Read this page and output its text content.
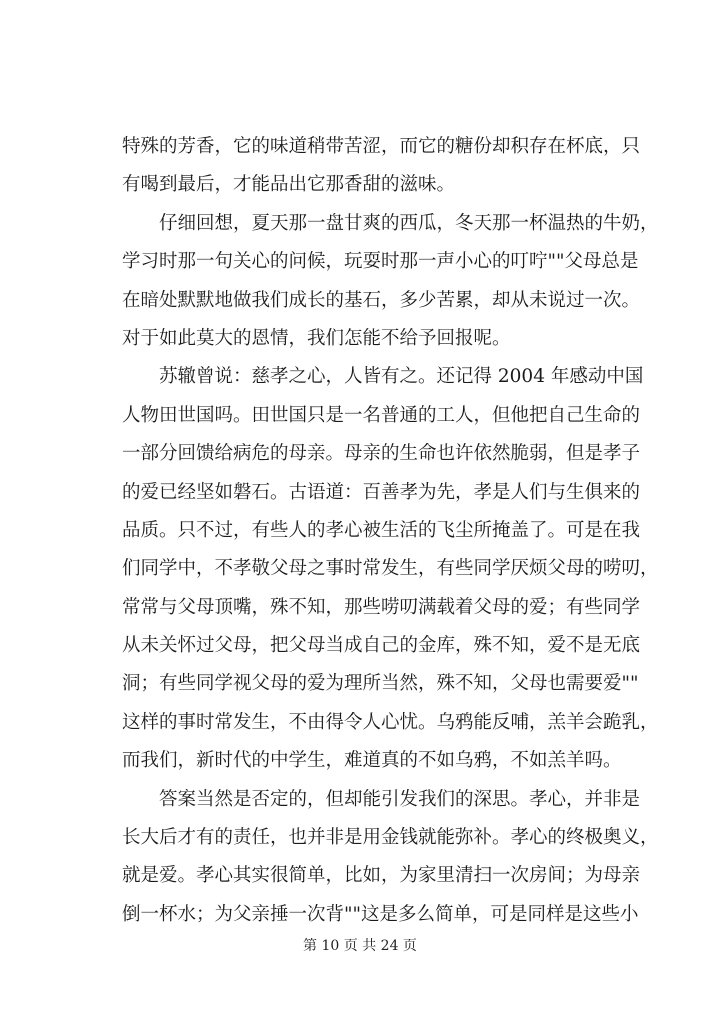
特殊的芳香，它的味道稍带苦涩，而它的糖份却积存在杯底，只
有喝到最后，才能品出它那香甜的滋味。
仔细回想，夏天那一盘甘爽的西瓜，冬天那一杯温热的牛奶，
学习时那一句关心的问候，玩耍时那一声小心的叮咛""父母总是
在暗处默默地做我们成长的基石，多少苦累，却从未说过一次。
对于如此莫大的恩情，我们怎能不给予回报呢。
苏辙曾说：慈孝之心，人皆有之。还记得 2004 年感动中国
人物田世国吗。田世国只是一名普通的工人，但他把自己生命的
一部分回馈给病危的母亲。母亲的生命也许依然脆弱，但是孝子
的爱已经坚如磐石。古语道：百善孝为先，孝是人们与生俱来的
品质。只不过，有些人的孝心被生活的飞尘所掩盖了。可是在我
们同学中，不孝敬父母之事时常发生，有些同学厌烦父母的唠叨，
常常与父母顶嘴，殊不知，那些唠叨满载着父母的爱；有些同学
从未关怀过父母，把父母当成自己的金库，殊不知，爱不是无底
洞；有些同学视父母的爱为理所当然，殊不知，父母也需要爱""
这样的事时常发生，不由得令人心忧。乌鸦能反哺，羔羊会跪乳，
而我们，新时代的中学生，难道真的不如乌鸦，不如羔羊吗。
答案当然是否定的，但却能引发我们的深思。孝心，并非是
长大后才有的责任，也并非是用金钱就能弥补。孝心的终极奥义，
就是爱。孝心其实很简单，比如，为家里清扫一次房间；为母亲
倒一杯水；为父亲捶一次背""这是多么简单，可是同样是这些小
第 10 页 共 24 页
